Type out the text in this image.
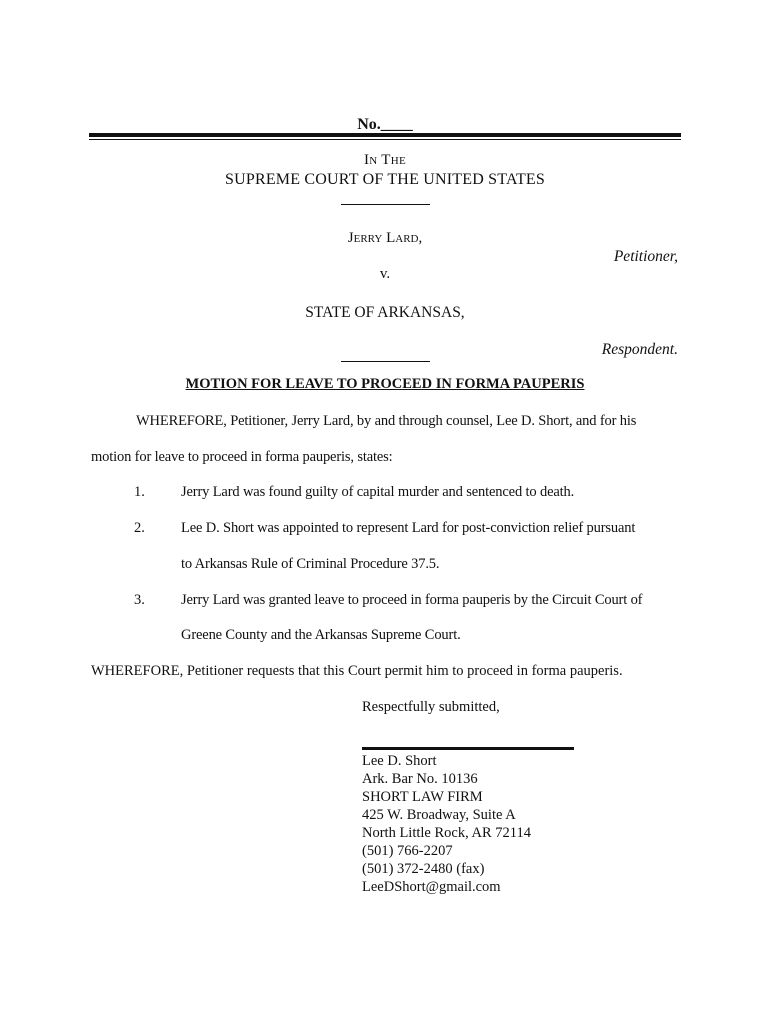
No.____
In The
SUPREME COURT OF THE UNITED STATES
Jerry Lard,
Petitioner,
v.
STATE OF ARKANSAS,
Respondent.
MOTION FOR LEAVE TO PROCEED IN FORMA PAUPERIS
WHEREFORE, Petitioner, Jerry Lard, by and through counsel, Lee D. Short, and for his
motion for leave to proceed in forma pauperis, states:
1. Jerry Lard was found guilty of capital murder and sentenced to death.
2. Lee D. Short was appointed to represent Lard for post-conviction relief pursuant
to Arkansas Rule of Criminal Procedure 37.5.
3. Jerry Lard was granted leave to proceed in forma pauperis by the Circuit Court of
Greene County and the Arkansas Supreme Court.
WHEREFORE, Petitioner requests that this Court permit him to proceed in forma pauperis.
Respectfully submitted,
Lee D. Short
Ark. Bar No. 10136
SHORT LAW FIRM
425 W. Broadway, Suite A
North Little Rock, AR 72114
(501) 766-2207
(501) 372-2480 (fax)
LeeDShort@gmail.com
